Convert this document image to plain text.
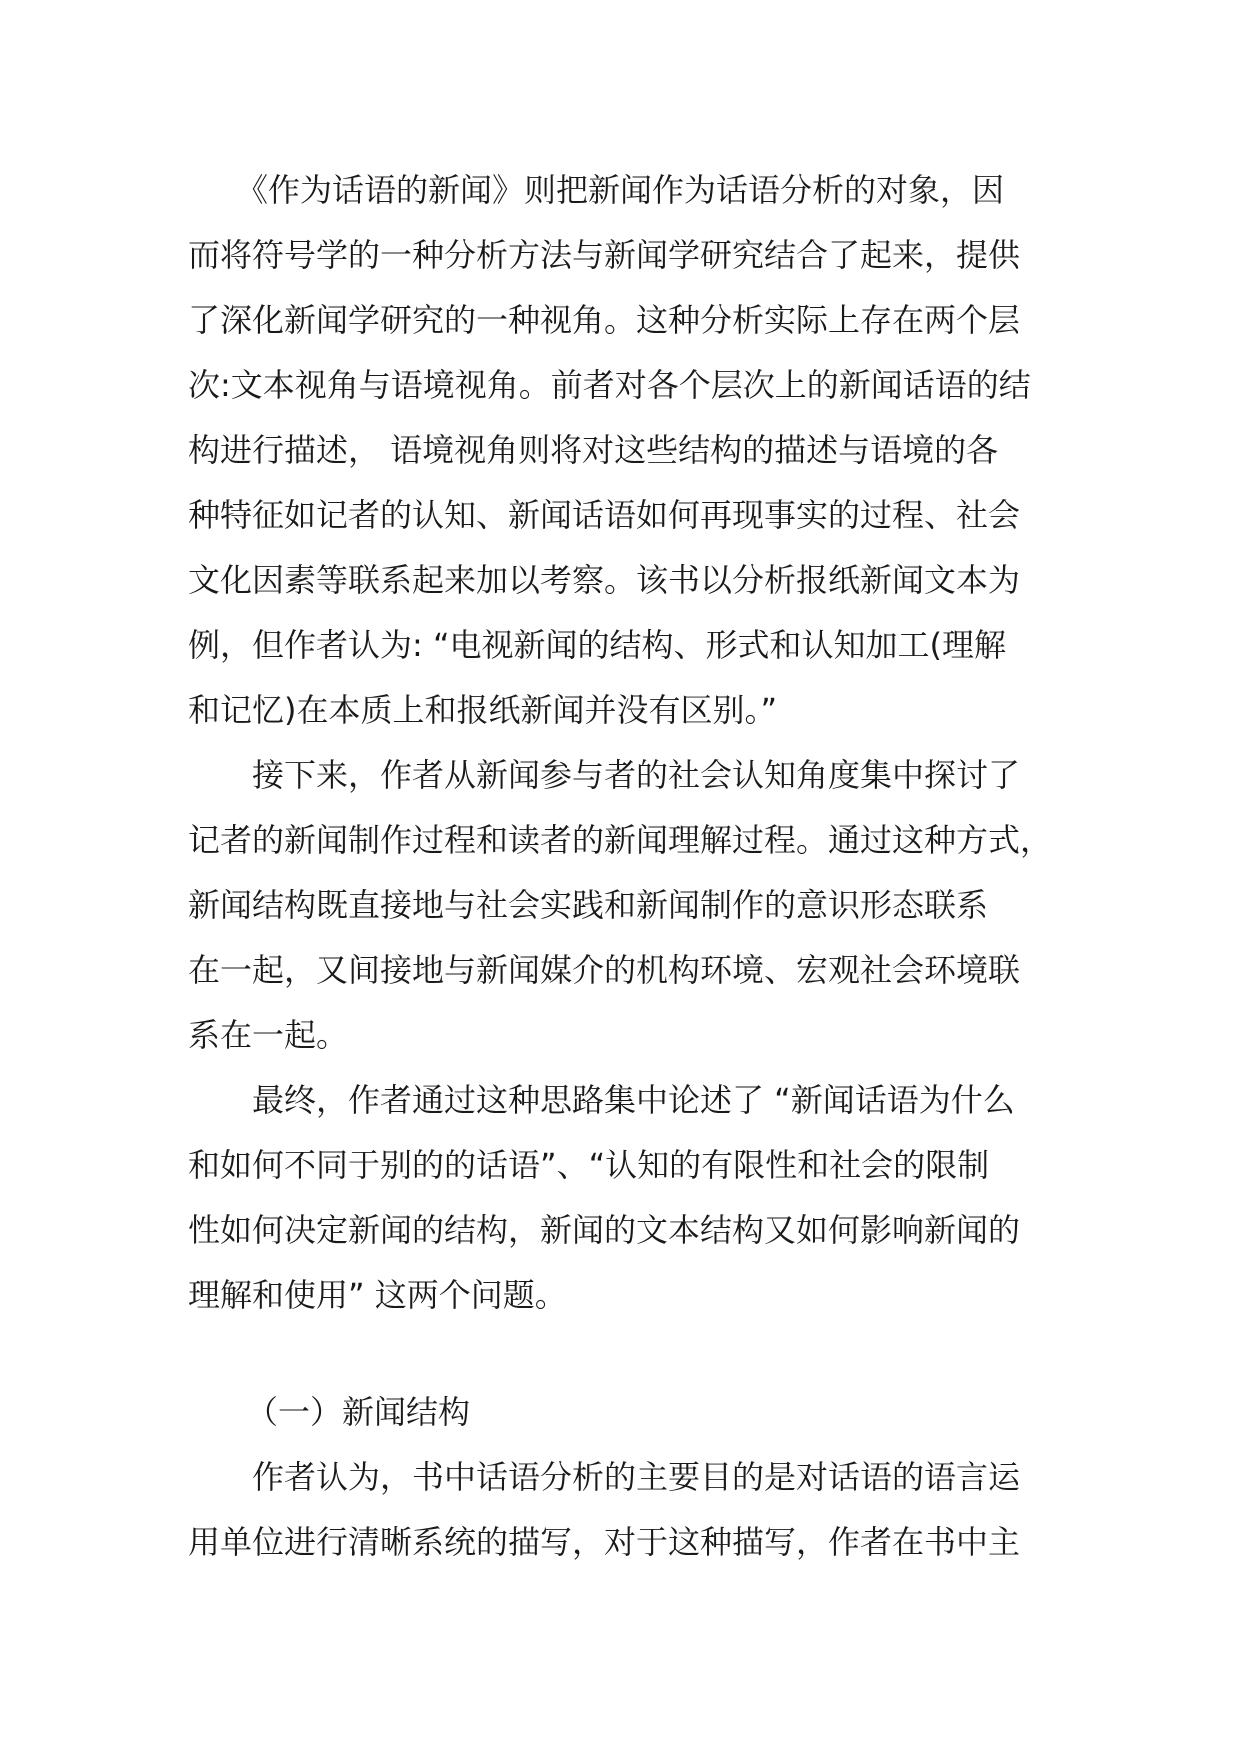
　　《作为话语的新闻》则把新闻作为话语分析的对象，因
而将符号学的一种分析方法与新闻学研究结合了起来，提供
了深化新闻学研究的一种视角。这种分析实际上存在两个层
次:文本视角与语境视角。前者对各个层次上的新闻话语的结
构进行描述， 语境视角则将对这些结构的描述与语境的各
种特征如记者的认知、新闻话语如何再现事实的过程、社会
文化因素等联系起来加以考察。该书以分析报纸新闻文本为
例，但作者认为: “电视新闻的结构、形式和认知加工(理解
和记忆)在本质上和报纸新闻并没有区别。”
　　接下来，作者从新闻参与者的社会认知角度集中探讨了
记者的新闻制作过程和读者的新闻理解过程。通过这种方式，
新闻结构既直接地与社会实践和新闻制作的意识形态联系
在一起，又间接地与新闻媒介的机构环境、宏观社会环境联
系在一起。
　　最终，作者通过这种思路集中论述了 “新闻话语为什么
和如何不同于别的的话语”、“认知的有限性和社会的限制
性如何决定新闻的结构，新闻的文本结构又如何影响新闻的
理解和使用” 这两个问题。
（一）新闻结构
　　作者认为，书中话语分析的主要目的是对话语的语言运
用单位进行清晰系统的描写，对于这种描写，作者在书中主
